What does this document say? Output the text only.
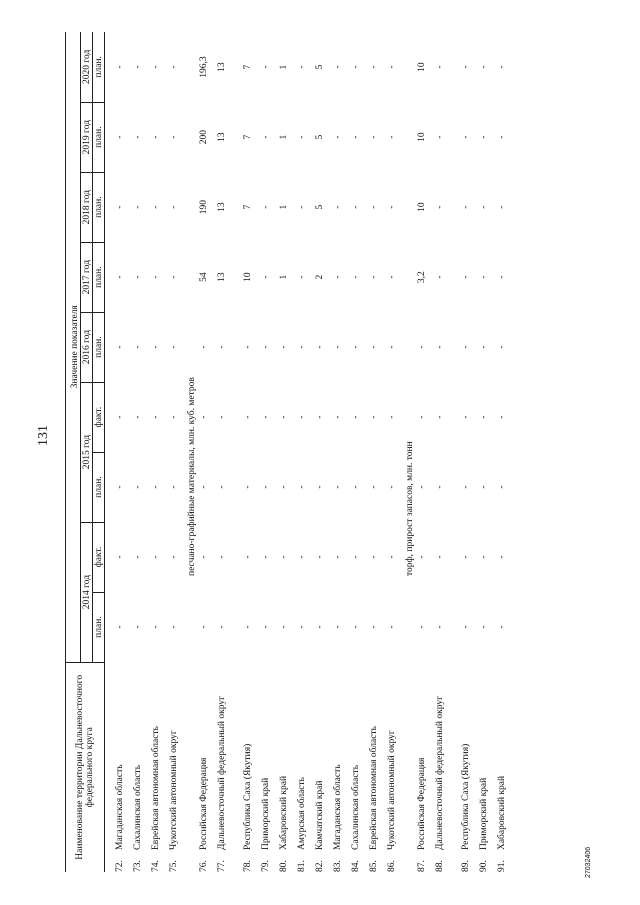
131
27032406
Наименование территории Дальневосточного федерального круга		Значение показателя								
		2014 год		2015 год		2016 год	2017 год	2018 год	2019 год	2020 год
		план.	факт.	план.	факт.	план.	план.	план.	план.	план.

72.	Магаданская область	-	-	-	-	-	-	-	-	-
73.	Сахалинская область	-	-	-	-	-	-	-	-	-
74.	Еврейская автономная область	-	-	-	-	-	-	-	-	-
75.	Чукотский автономный округ	-	-	-	-	-	-	-	-	-
песчано-графийные материалы, млн. куб. метров										
76.	Российская Федерация	-	-	-	-	-	54	190	200	196,3
77.	Дальневосточный федеральный округ	-	-	-	-	-	13	13	13	13
78.	Республика Саха (Якутия)	-	-	-	-	-	10	7	7	7
79.	Приморский край	-	-	-	-	-	-	-	-	-
80.	Хабаровский край	-	-	-	-	-	1	1	1	1
81.	Амурская область	-	-	-	-	-	-	-	-	-
82.	Камчатский край	-	-	-	-	-	2	5	5	5
83.	Магаданская область	-	-	-	-	-	-	-	-	-
84.	Сахалинская область	-	-	-	-	-	-	-	-	-
85.	Еврейская автономная область	-	-	-	-	-	-	-	-	-
86.	Чукотский автономный округ	-	-	-	-	-	-	-	-	-
торф, прирост запасов, млн. тонн										
87.	Российская Федерация	-	-	-	-	-	3,2	10	10	10
88.	Дальневосточный федеральный округ	-	-	-	-	-	-	-	-	-
89.	Республика Саха (Якутия)	-	-	-	-	-	-	-	-	-
90.	Приморский край	-	-	-	-	-	-	-	-	-
91.	Хабаровский край	-	-	-	-	-	-	-	-	-
